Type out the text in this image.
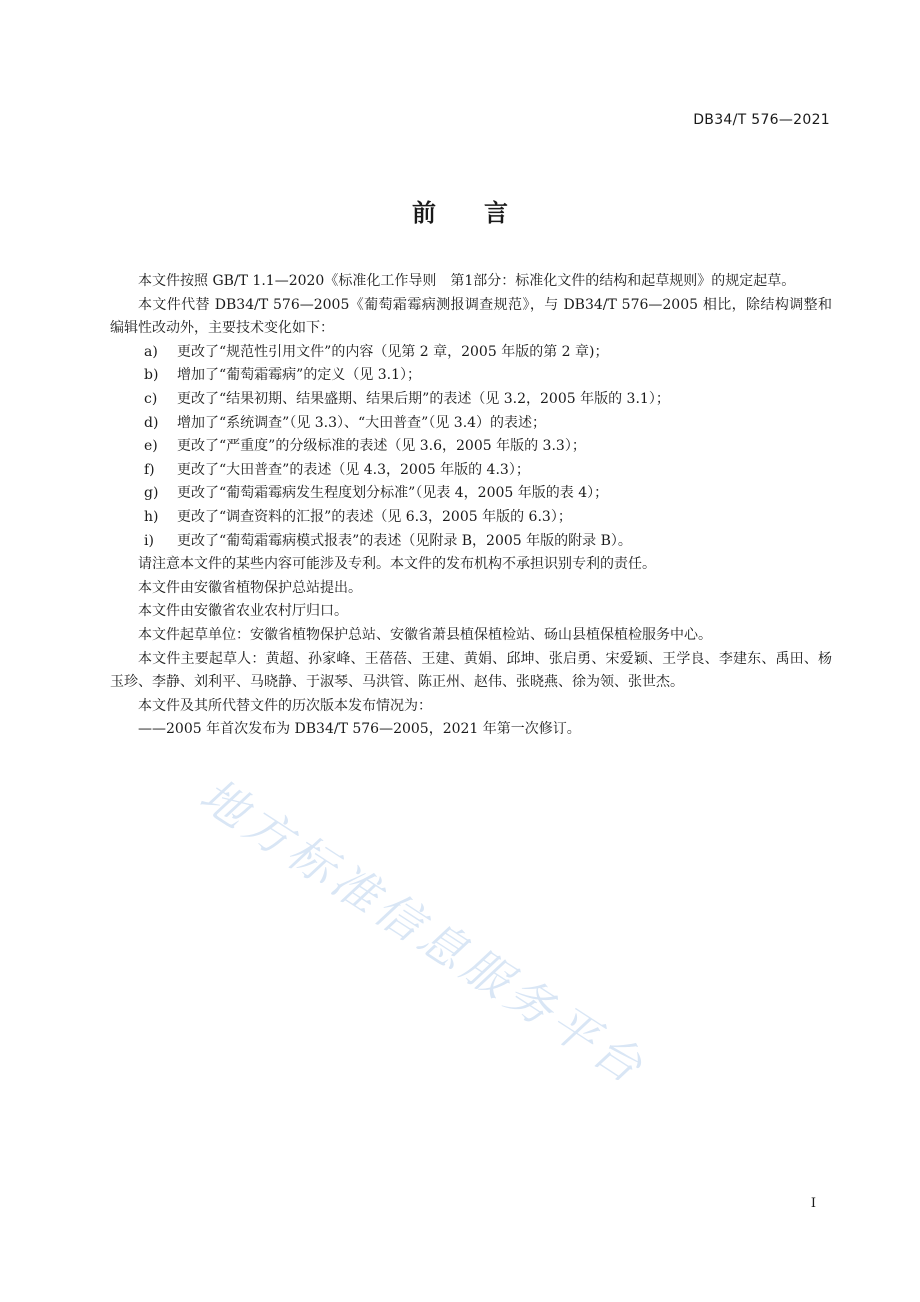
DB34/T 576—2021
前言

本文件按照 GB/T 1.1—2020《标准化工作导则　第1部分：标准化文件的结构和起草规则》的规定起草。

本文件代替 DB34/T 576—2005《葡萄霜霉病测报调查规范》，与 DB34/T 576—2005 相比，除结构调整和编辑性改动外，主要技术变化如下：

a) 更改了“规范性引用文件”的内容（见第 2 章，2005 年版的第 2 章)；

b) 增加了“葡萄霜霉病”的定义（见 3.1）；

c) 更改了“结果初期、结果盛期、结果后期”的表述（见 3.2，2005 年版的 3.1）；

d) 增加了“系统调查”（见 3.3）、“大田普查”（见 3.4）的表述；

e) 更改了“严重度”的分级标准的表述（见 3.6，2005 年版的 3.3）；

f) 更改了“大田普查”的表述（见 4.3，2005 年版的 4.3）；

g) 更改了“葡萄霜霉病发生程度划分标准”（见表 4，2005 年版的表 4）；

h) 更改了“调查资料的汇报”的表述（见 6.3，2005 年版的 6.3）；

i) 更改了“葡萄霜霉病模式报表”的表述（见附录 B，2005 年版的附录 B）。

请注意本文件的某些内容可能涉及专利。本文件的发布机构不承担识别专利的责任。

本文件由安徽省植物保护总站提出。

本文件由安徽省农业农村厅归口。

本文件起草单位：安徽省植物保护总站、安徽省萧县植保植检站、砀山县植保植检服务中心。

本文件主要起草人：黄超、孙家峰、王蓓蓓、王建、黄娟、邱坤、张启勇、宋爱颖、王学良、李建东、禹田、杨玉珍、李静、刘利平、马晓静、于淑琴、马洪管、陈正州、赵伟、张晓燕、徐为领、张世杰。

本文件及其所代替文件的历次版本发布情况为：

——2005 年首次发布为 DB34/T 576—2005，2021 年第一次修订。

地方标准信息服务平台
I
